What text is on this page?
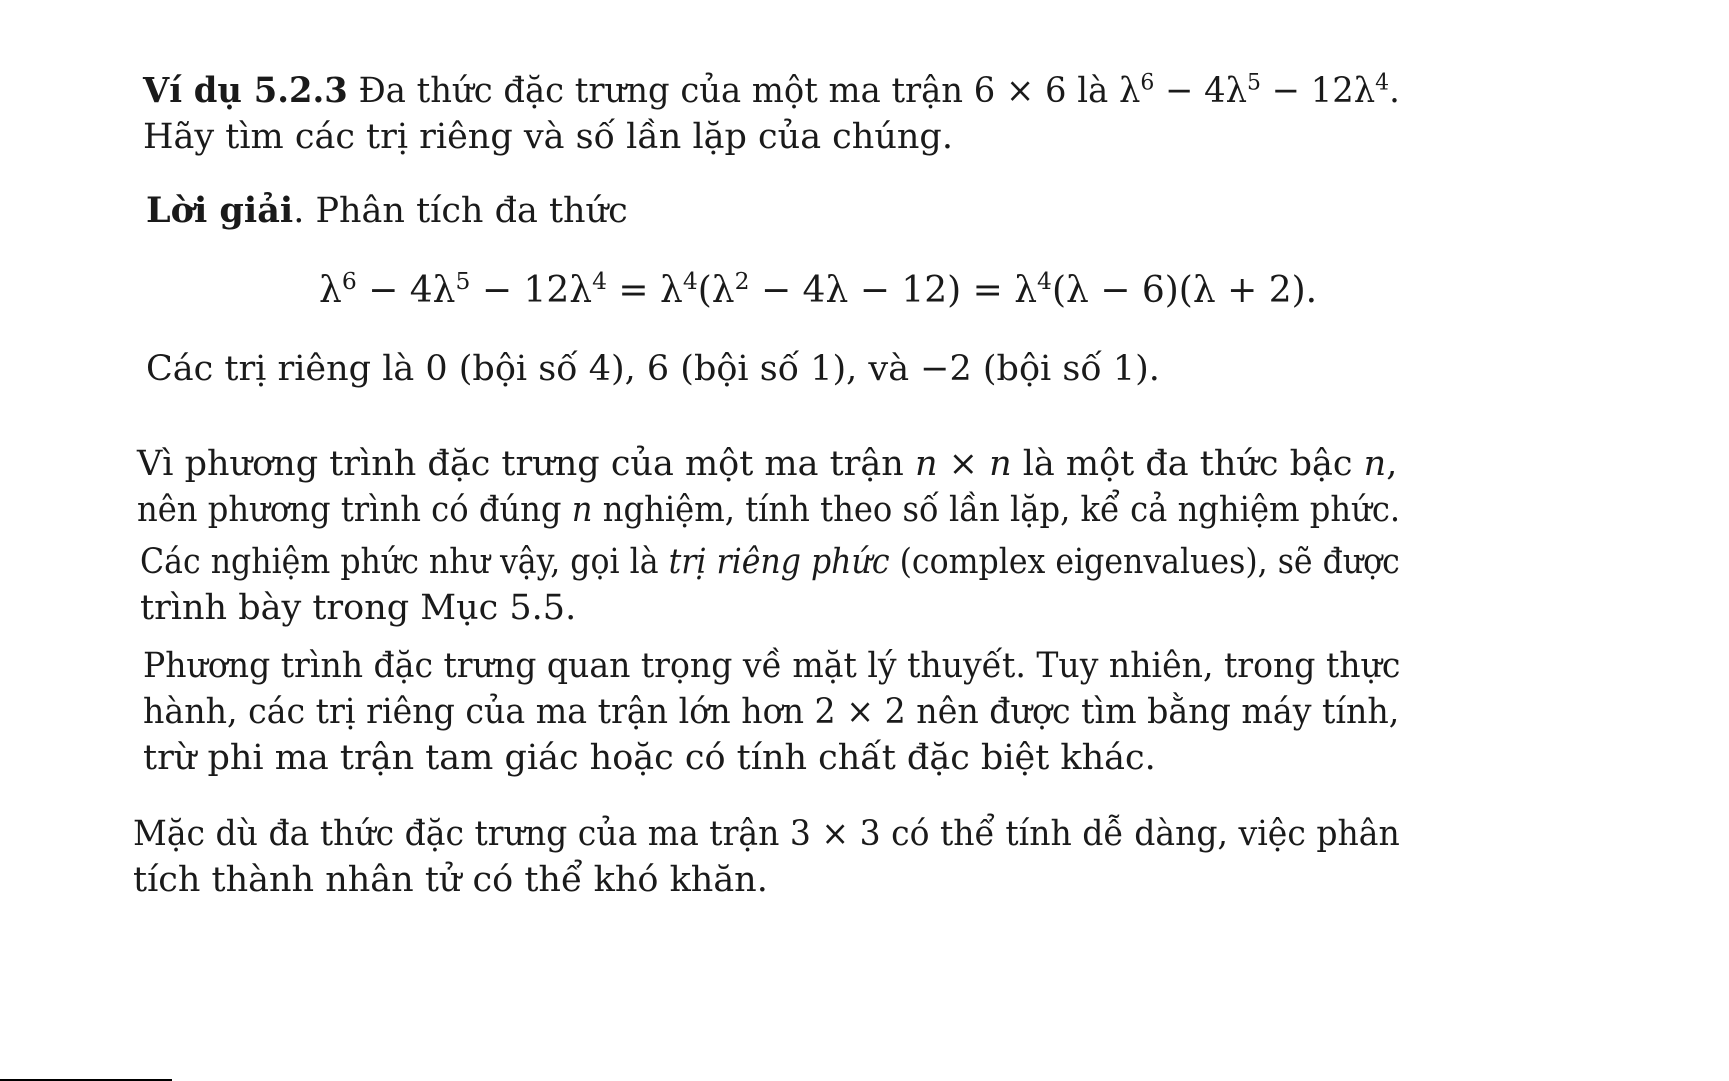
Ví dụ 5.2.3 Đa thức đặc trưng của một ma trận 6 × 6 là $\lambda^6 - 4\lambda^5 - 12\lambda^4$.

Hãy tìm các trị riêng và số lần lặp của chúng.

Lời giải. Phân tích đa thức

$\lambda^6 - 4\lambda^5 - 12\lambda^4 = \lambda^4(\lambda^2 - 4\lambda - 12) = \lambda^4(\lambda - 6)(\lambda + 2)$.

Các trị riêng là 0 (bội số 4), 6 (bội số 1), và −2 (bội số 1).

Vì phương trình đặc trưng của một ma trận n × n là một đa thức bậc n,

nên phương trình có đúng n nghiệm, tính theo số lần lặp, kể cả nghiệm phức.

Các nghiệm phức như vậy, gọi là trị riêng phức (complex eigenvalues), sẽ được

trình bày trong Mục 5.5.

Phương trình đặc trưng quan trọng về mặt lý thuyết. Tuy nhiên, trong thực

hành, các trị riêng của ma trận lớn hơn 2 × 2 nên được tìm bằng máy tính,

trừ phi ma trận tam giác hoặc có tính chất đặc biệt khác.

Mặc dù đa thức đặc trưng của ma trận 3 × 3 có thể tính dễ dàng, việc phân

tích thành nhân tử có thể khó khăn.
